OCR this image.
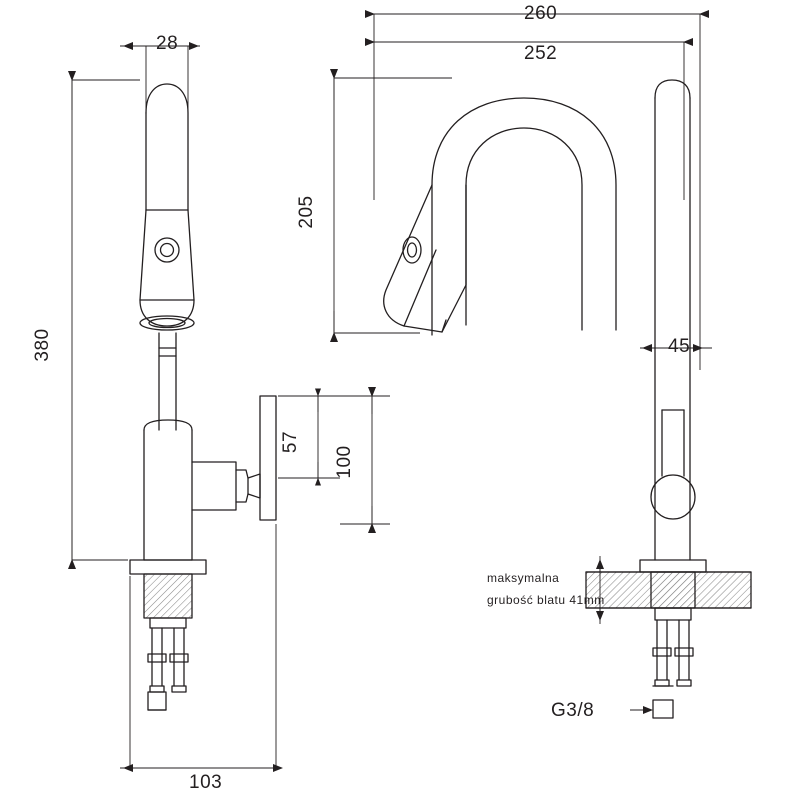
380
28
103
260
252
205
57
100
45
G3/8
maksymalna
grubość blatu 41mm
